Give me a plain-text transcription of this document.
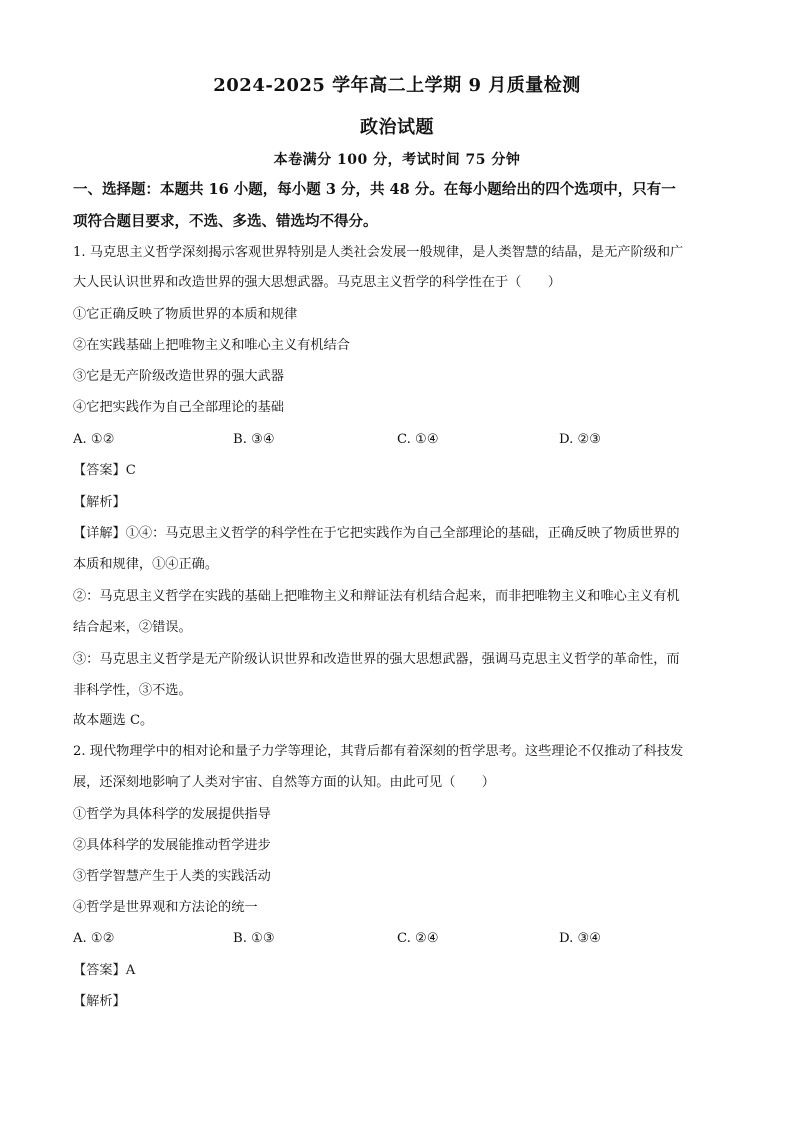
2024-2025 学年高二上学期 9 月质量检测
政治试题
本卷满分 100 分，考试时间 75 分钟
一、选择题：本题共 16 小题，每小题 3 分，共 48 分。在每小题给出的四个选项中，只有一
项符合题目要求，不选、多选、错选均不得分。
1. 马克思主义哲学深刻揭示客观世界特别是人类社会发展一般规律，是人类智慧的结晶，是无产阶级和广
大人民认识世界和改造世界的强大思想武器。马克思主义哲学的科学性在于（　　）
①它正确反映了物质世界的本质和规律
②在实践基础上把唯物主义和唯心主义有机结合
③它是无产阶级改造世界的强大武器
④它把实践作为自己全部理论的基础
A. ①②	B. ③④	C. ①④	D. ②③
【答案】C
【解析】
【详解】①④：马克思主义哲学的科学性在于它把实践作为自己全部理论的基础，正确反映了物质世界的
本质和规律，①④正确。
②：马克思主义哲学在实践的基础上把唯物主义和辩证法有机结合起来，而非把唯物主义和唯心主义有机
结合起来，②错误。
③：马克思主义哲学是无产阶级认识世界和改造世界的强大思想武器，强调马克思主义哲学的革命性，而
非科学性，③不选。
故本题选 C。
2. 现代物理学中的相对论和量子力学等理论，其背后都有着深刻的哲学思考。这些理论不仅推动了科技发
展，还深刻地影响了人类对宇宙、自然等方面的认知。由此可见（　　）
①哲学为具体科学的发展提供指导
②具体科学的发展能推动哲学进步
③哲学智慧产生于人类的实践活动
④哲学是世界观和方法论的统一
A. ①②	B. ①③	C. ②④	D. ③④
【答案】A
【解析】
